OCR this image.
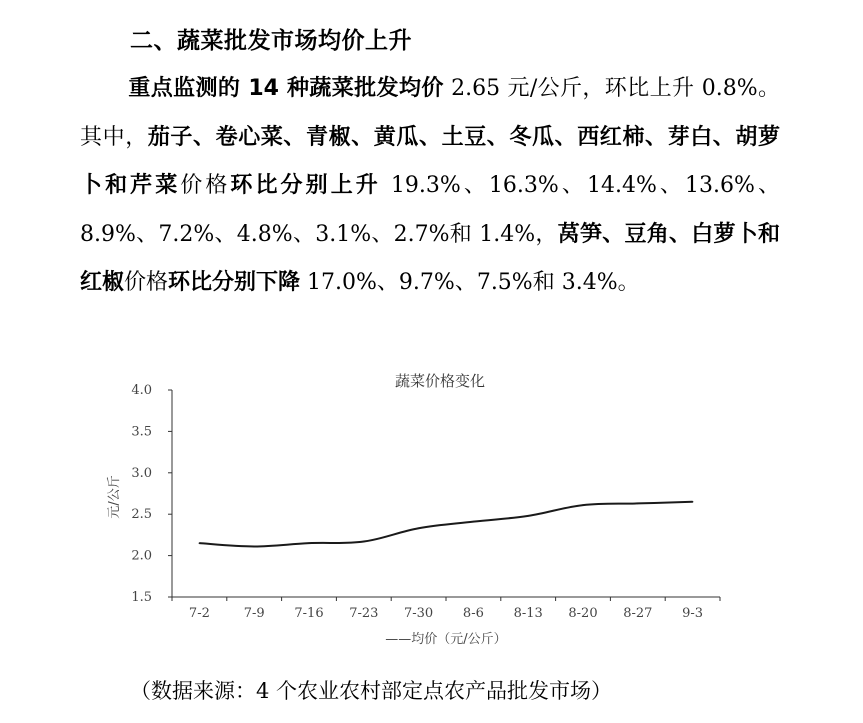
二、蔬菜批发市场均价上升
重点监测的 14 种蔬菜批发均价 2.65 元/公斤，环比上升 0.8%。其中，茄子、卷心菜、青椒、黄瓜、土豆、冬瓜、西红柿、芽白、胡萝卜和芹菜价格环比分别上升 19.3%、16.3%、14.4%、13.6%、8.9%、7.2%、4.8%、3.1%、2.7%和 1.4%，莴笋、豆角、白萝卜和红椒价格环比分别下降 17.0%、9.7%、7.5%和 3.4%。
蔬菜价格变化
4.0
3.5
3.0
2.5
2.0
1.5
7-2	7-9 7-16 7-23 7-30 8-6 8-13 8-20 8-27 9-3
元/公斤
——均价（元/公斤）
（数据来源：4 个农业农村部定点农产品批发市场）
